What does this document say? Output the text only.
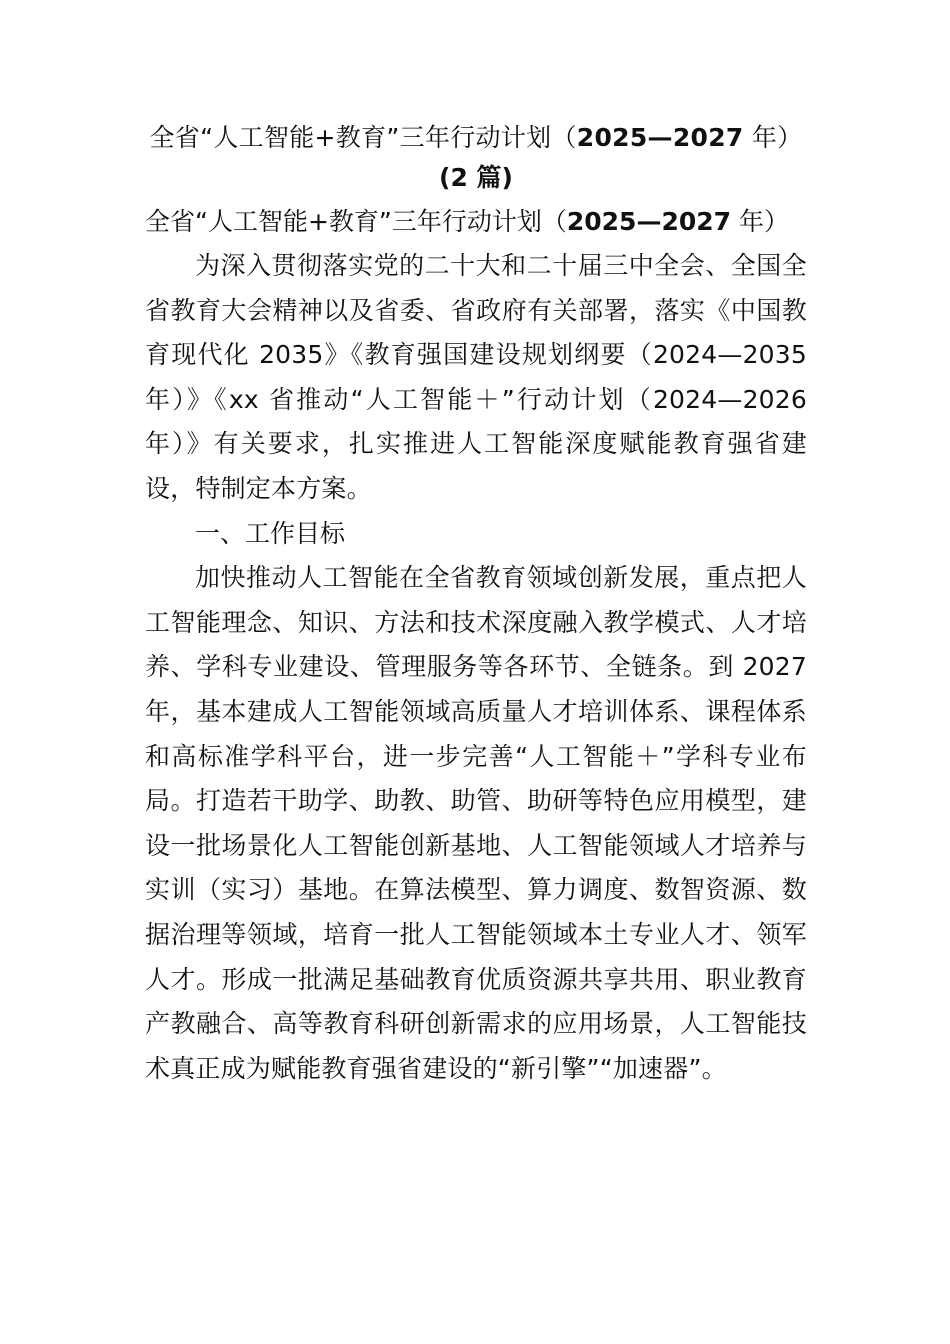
全省“人工智能+教育”三年行动计划（2025—2027 年）
(2 篇)
全省“人工智能+教育”三年行动计划（2025—2027 年）

为深入贯彻落实党的二十大和二十届三中全会、全国全省教育大会精神以及省委、省政府有关部署，落实《中国教育现代化 2035》《教育强国建设规划纲要（2024—2035 年）》《xx 省推动“人工智能＋”行动计划（2024—2026 年）》有关要求，扎实推进人工智能深度赋能教育强省建设，特制定本方案。

一、工作目标

加快推动人工智能在全省教育领域创新发展，重点把人工智能理念、知识、方法和技术深度融入教学模式、人才培养、学科专业建设、管理服务等各环节、全链条。到 2027 年，基本建成人工智能领域高质量人才培训体系、课程体系和高标准学科平台，进一步完善“人工智能＋”学科专业布局。打造若干助学、助教、助管、助研等特色应用模型，建设一批场景化人工智能创新基地、人工智能领域人才培养与实训（实习）基地。在算法模型、算力调度、数智资源、数据治理等领域，培育一批人工智能领域本土专业人才、领军人才。形成一批满足基础教育优质资源共享共用、职业教育产教融合、高等教育科研创新需求的应用场景，人工智能技术真正成为赋能教育强省建设的“新引擎”“加速器”。
